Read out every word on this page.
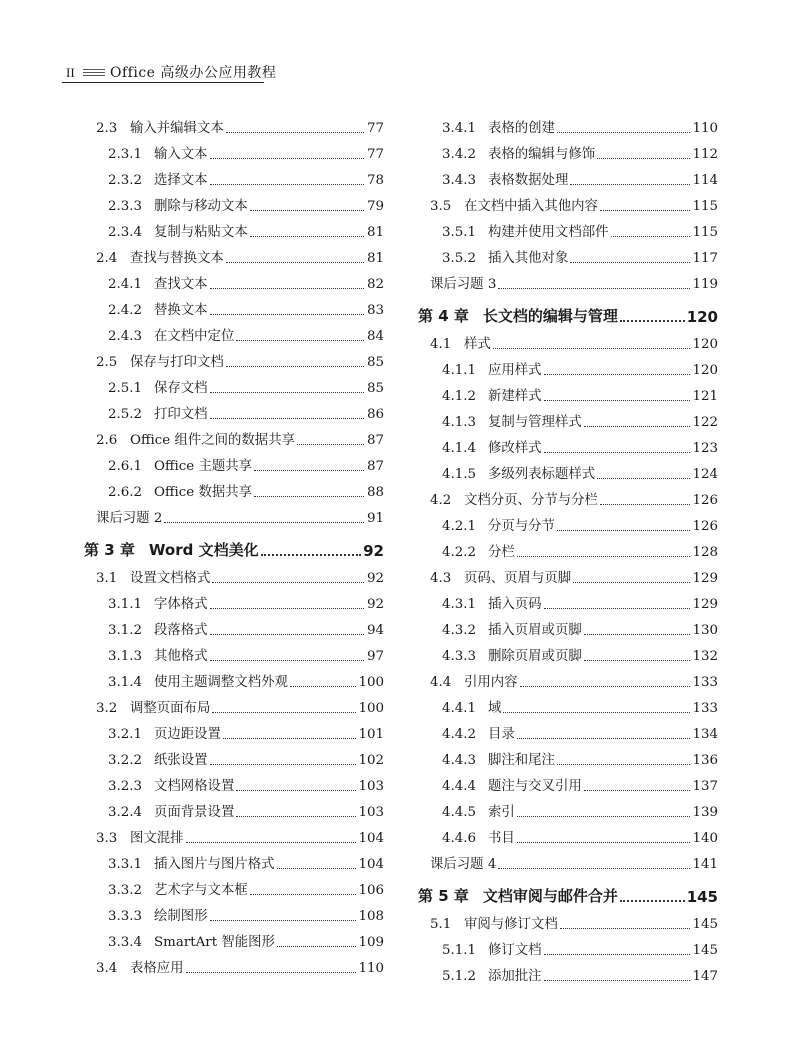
II	Office 高级办公应用教程
2.3 输入并编辑文本	77
2.3.1 输入文本	77
2.3.2 选择文本	78
2.3.3 删除与移动文本	79
2.3.4 复制与粘贴文本	81
2.4 查找与替换文本	81
2.4.1 查找文本	82
2.4.2 替换文本	83
2.4.3 在文档中定位	84
2.5 保存与打印文档	85
2.5.1 保存文档	85
2.5.2 打印文档	86
2.6 Office 组件之间的数据共享	87
2.6.1 Office 主题共享	87
2.6.2 Office 数据共享	88
课后习题 2	91
第 3 章 Word 文档美化	92
3.1 设置文档格式	92
3.1.1 字体格式	92
3.1.2 段落格式	94
3.1.3 其他格式	97
3.1.4 使用主题调整文档外观	100
3.2 调整页面布局	100
3.2.1 页边距设置	101
3.2.2 纸张设置	102
3.2.3 文档网格设置	103
3.2.4 页面背景设置	103
3.3 图文混排	104
3.3.1 插入图片与图片格式	104
3.3.2 艺术字与文本框	106
3.3.3 绘制图形	108
3.3.4 SmartArt 智能图形	109
3.4 表格应用	110
3.4.1 表格的创建	110
3.4.2 表格的编辑与修饰	112
3.4.3 表格数据处理	114
3.5 在文档中插入其他内容	115
3.5.1 构建并使用文档部件	115
3.5.2 插入其他对象	117
课后习题 3	119
第 4 章 长文档的编辑与管理	120
4.1 样式	120
4.1.1 应用样式	120
4.1.2 新建样式	121
4.1.3 复制与管理样式	122
4.1.4 修改样式	123
4.1.5 多级列表标题样式	124
4.2 文档分页、分节与分栏	126
4.2.1 分页与分节	126
4.2.2 分栏	128
4.3 页码、页眉与页脚	129
4.3.1 插入页码	129
4.3.2 插入页眉或页脚	130
4.3.3 删除页眉或页脚	132
4.4 引用内容	133
4.4.1 域	133
4.4.2 目录	134
4.4.3 脚注和尾注	136
4.4.4 题注与交叉引用	137
4.4.5 索引	139
4.4.6 书目	140
课后习题 4	141
第 5 章 文档审阅与邮件合并	145
5.1 审阅与修订文档	145
5.1.1 修订文档	145
5.1.2 添加批注	147
